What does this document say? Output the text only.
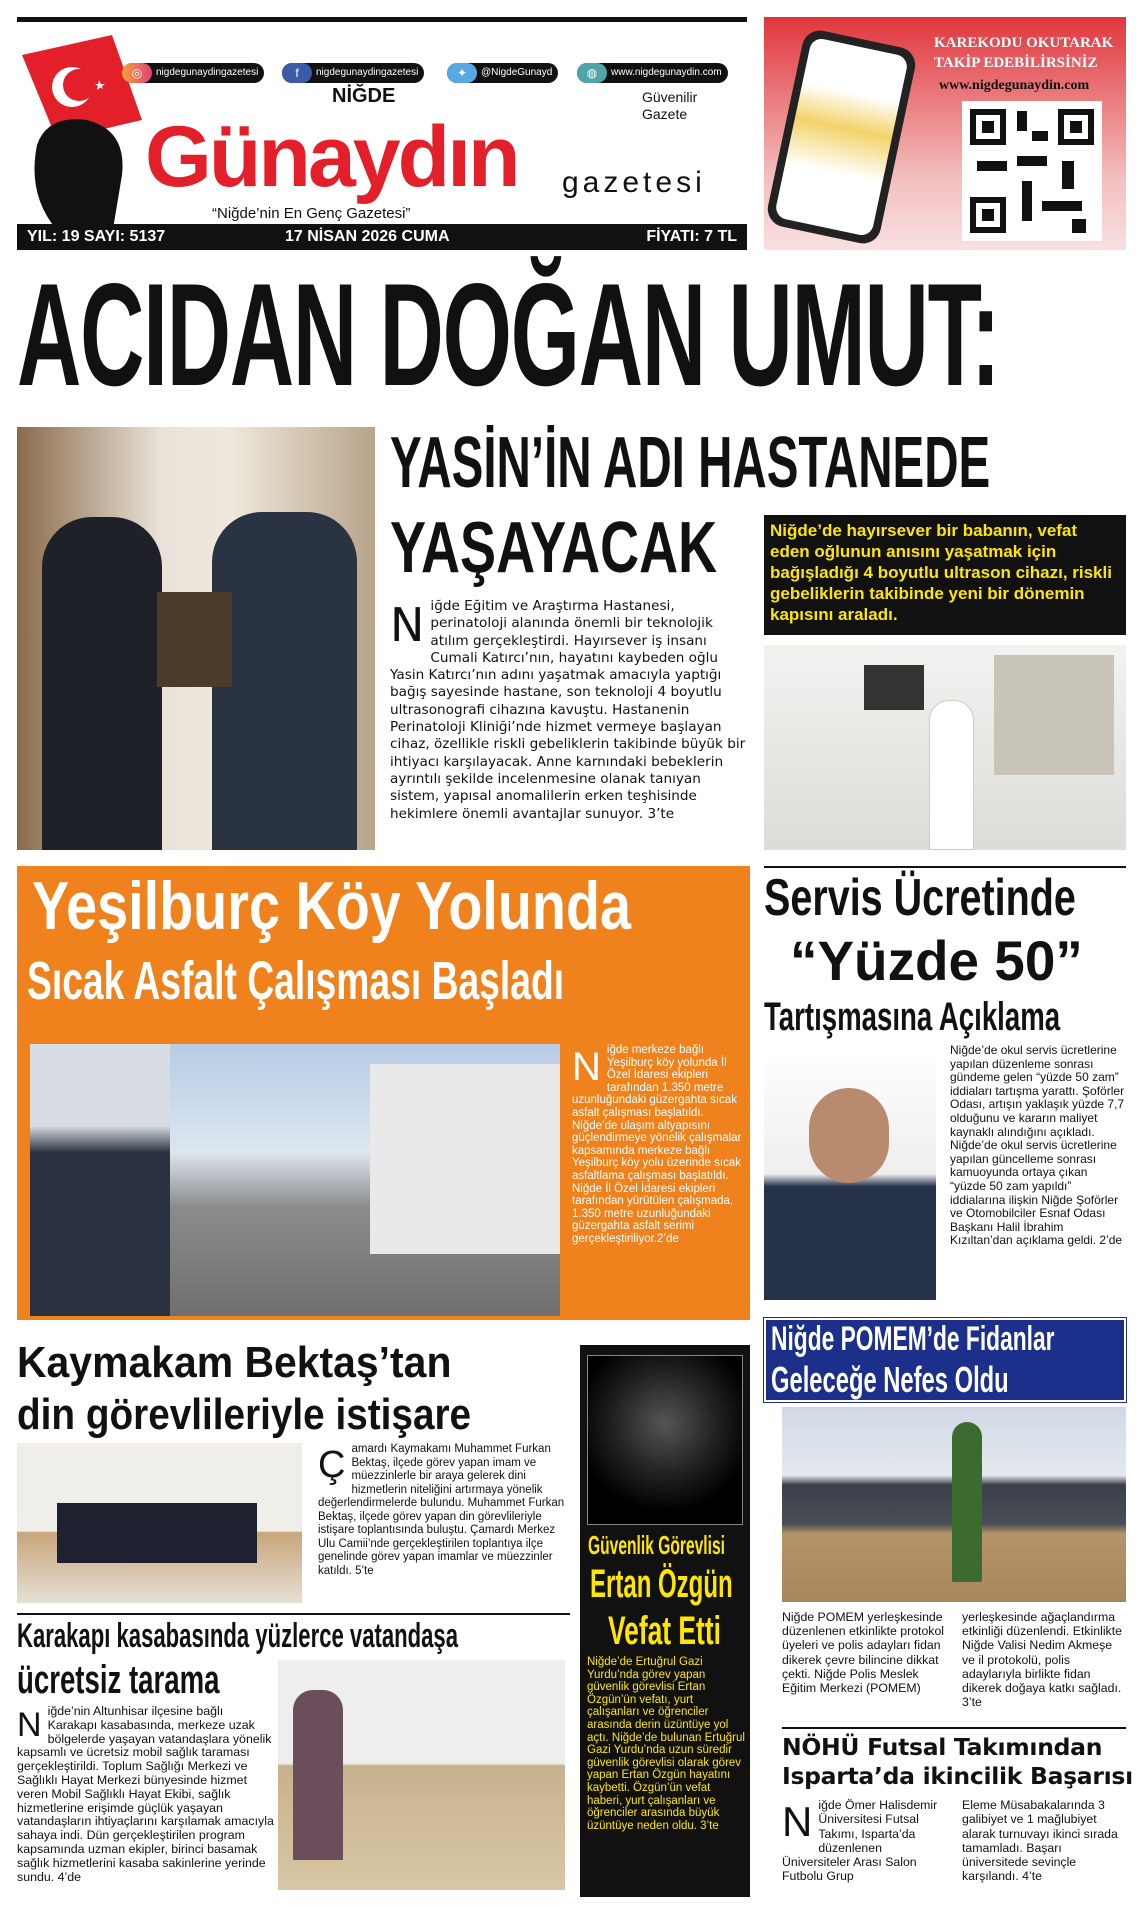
◎	nigdegunaydingazetesi	f	nigdegunaydingazetesi	✦	@NigdeGunayd	◍	www.nigdegunaydin.com
NİĞDE	Güvenilir Gazete
Günaydın gazetesi
“Niğde’nin En Genç Gazetesi”
YIL: 19 SAYI: 5137	17 NİSAN 2026 CUMA	FİYATI: 7 TL
KAREKODU OKUTARAK
TAKİP EDEBİLİRSİNİZ
www.nigdegunaydin.com
ACIDAN DOĞAN UMUT:
YASİN’İN ADI HASTANEDE
YAŞAYACAK	Niğde’de hayırsever bir babanın, vefat eden oğlunun anısını yaşatmak için bağışladığı 4 boyutlu ultrason cihazı, riskli gebeliklerin takibinde yeni bir dönemin kapısını araladı.
Niğde Eğitim ve Araştırma Hastanesi, perinatoloji alanında önemli bir teknolojik atılım gerçekleştirdi. Hayırsever iş insanı Cumali Katırcı’nın, hayatını kaybeden oğlu Yasin Katırcı’nın adını yaşatmak amacıyla yaptığı bağış sayesinde hastane, son teknoloji 4 boyutlu ultrasonografi cihazına kavuştu. Hastanenin Perinatoloji Kliniği’nde hizmet vermeye başlayan cihaz, özellikle riskli gebeliklerin takibinde büyük bir ihtiyacı karşılayacak. Anne karnındaki bebeklerin ayrıntılı şekilde incelenmesine olanak tanıyan sistem, yapısal anomalilerin erken teşhisinde hekimlere önemli avantajlar sunuyor. 3’te
Yeşilburç Köy Yolunda
Sıcak Asfalt Çalışması Başladı
Niğde merkeze bağlı Yeşilburç köy yolunda İl Özel İdaresi ekipleri tarafından 1.350 metre uzunluğundaki güzergahta sıcak asfalt çalışması başlatıldı. Niğde’de ulaşım altyapısını güçlendirmeye yönelik çalışmalar kapsamında merkeze bağlı Yeşilburç köy yolu üzerinde sıcak asfaltlama çalışması başlatıldı. Niğde İl Özel İdaresi ekipleri tarafından yürütülen çalışmada, 1.350 metre uzunluğundaki güzergahta asfalt serimi gerçekleştiriliyor.2’de
Servis Ücretinde
“Yüzde 50”
Tartışmasına Açıklama
Niğde’de okul servis ücretlerine yapılan düzenleme sonrası gündeme gelen “yüzde 50 zam” iddiaları tartışma yarattı. Şoförler Odası, artışın yaklaşık yüzde 7,7 olduğunu ve kararın maliyet kaynaklı alındığını açıkladı. Niğde’de okul servis ücretlerine yapılan güncelleme sonrası kamuoyunda ortaya çıkan “yüzde 50 zam yapıldı” iddialarına ilişkin Niğde Şoförler ve Otomobilciler Esnaf Odası Başkanı Halil İbrahim Kızıltan’dan açıklama geldi. 2’de
Kaymakam Bektaş’tan
din görevlileriyle istişare
Çamardı Kaymakamı Muhammet Furkan Bektaş, ilçede görev yapan imam ve müezzinlerle bir araya gelerek dini hizmetlerin niteliğini artırmaya yönelik değerlendirmelerde bulundu. Muhammet Furkan Bektaş, ilçede görev yapan din görevlileriyle istişare toplantısında buluştu. Çamardı Merkez Ulu Camii’nde gerçekleştirilen toplantıya ilçe genelinde görev yapan imamlar ve müezzinler katıldı. 5’te
Karakapı kasabasında yüzlerce vatandaşa
ücretsiz tarama
Niğde’nin Altunhisar ilçesine bağlı Karakapı kasabasında, merkeze uzak bölgelerde yaşayan vatandaşlara yönelik kapsamlı ve ücretsiz mobil sağlık taraması gerçekleştirildi. Toplum Sağlığı Merkezi ve Sağlıklı Hayat Merkezi bünyesinde hizmet veren Mobil Sağlıklı Hayat Ekibi, sağlık hizmetlerine erişimde güçlük yaşayan vatandaşların ihtiyaçlarını karşılamak amacıyla sahaya indi. Dün gerçekleştirilen program kapsamında uzman ekipler, birinci basamak sağlık hizmetlerini kasaba sakinlerine yerinde sundu. 4’de
Güvenlik Görevlisi
Ertan Özgün
Vefat Etti
Niğde’de Ertuğrul Gazi Yurdu’nda görev yapan güvenlik görevlisi Ertan Özgün’ün vefatı, yurt çalışanları ve öğrenciler arasında derin üzüntüye yol açtı. Niğde’de bulunan Ertuğrul Gazi Yurdu’nda uzun süredir güvenlik görevlisi olarak görev yapan Ertan Özgün hayatını kaybetti. Özgün’ün vefat haberi, yurt çalışanları ve öğrenciler arasında büyük üzüntüye neden oldu. 3’te
Niğde POMEM’de Fidanlar
Geleceğe Nefes Oldu
Niğde POMEM yerleşkesinde düzenlenen etkinlikte protokol üyeleri ve polis adayları fidan dikerek çevre bilincine dikkat çekti. Niğde Polis Meslek Eğitim Merkezi (POMEM)
yerleşkesinde ağaçlandırma etkinliği düzenlendi. Etkinlikte Niğde Valisi Nedim Akmeşe ve il protokolü, polis adaylarıyla birlikte fidan dikerek doğaya katkı sağladı. 3’te
NÖHÜ Futsal Takımından
Isparta’da ikincilik Başarısı
Niğde Ömer Halisdemir Üniversitesi Futsal Takımı, Isparta’da düzenlenen Üniversiteler Arası Salon Futbolu Grup
Eleme Müsabakalarında 3 galibiyet ve 1 mağlubiyet alarak turnuvayı ikinci sırada tamamladı. Başarı üniversitede sevinçle karşılandı. 4’te
